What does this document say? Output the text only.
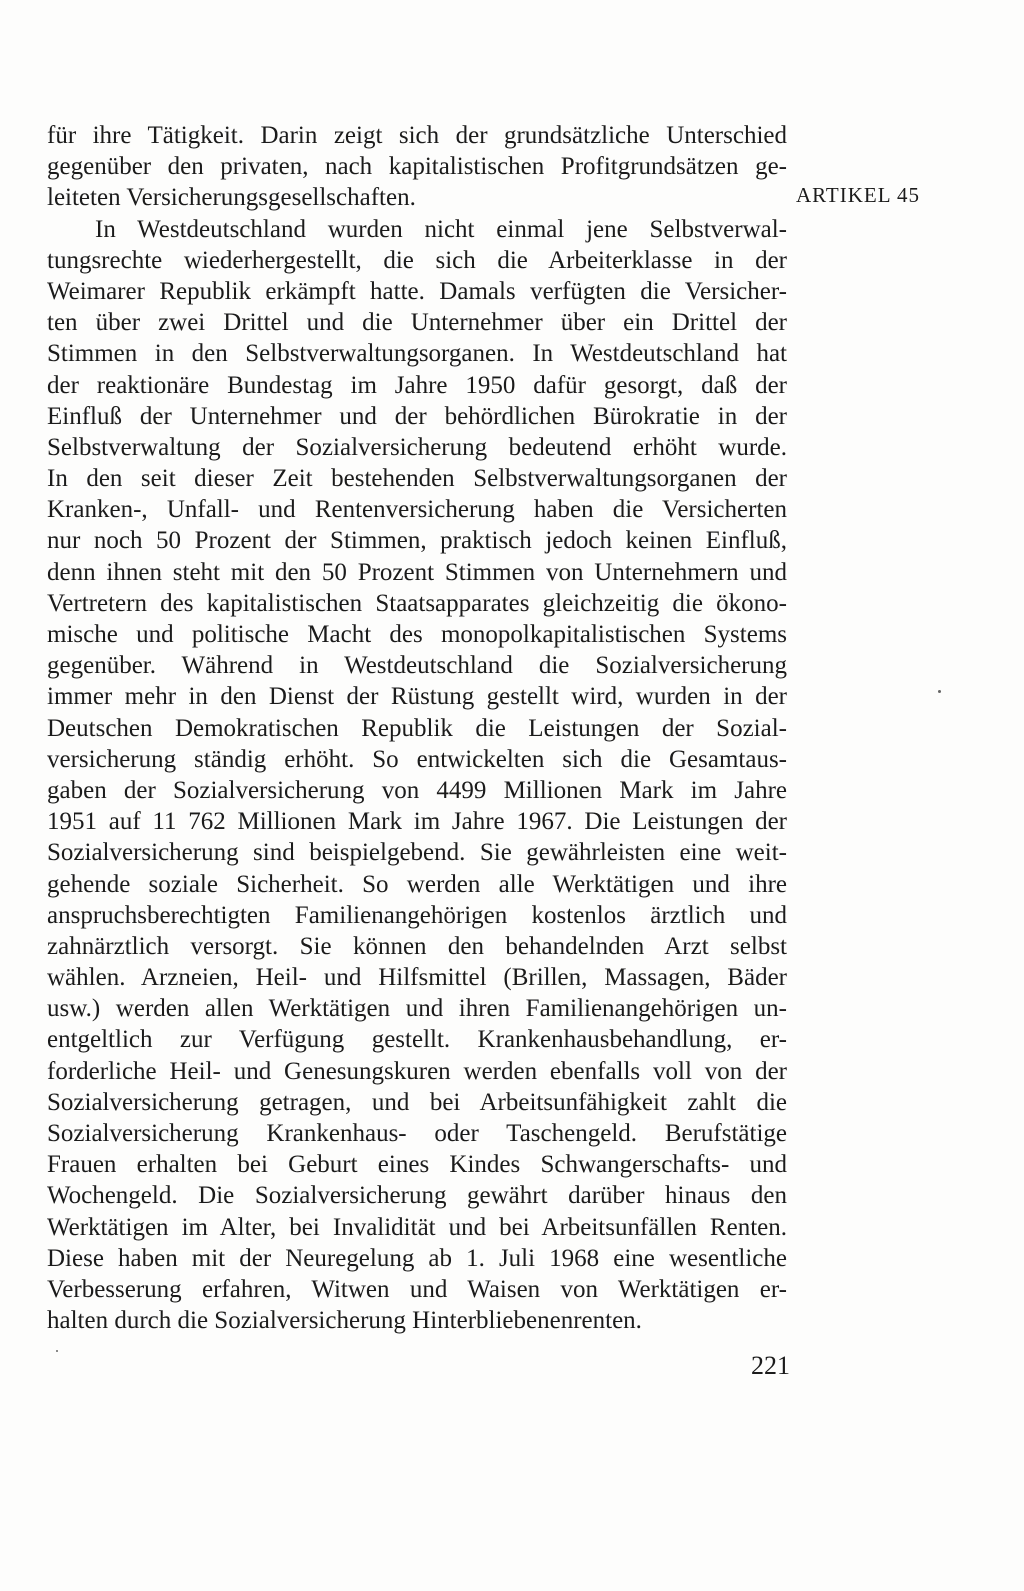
für ihre Tätigkeit. Darin zeigt sich der grundsätzliche Unterschied
gegenüber den privaten, nach kapitalistischen Profitgrundsätzen ge-
leiteten Versicherungsgesellschaften.
In Westdeutschland wurden nicht einmal jene Selbstverwal-
tungsrechte wiederhergestellt, die sich die Arbeiterklasse in der
Weimarer Republik erkämpft hatte. Damals verfügten die Versicher-
ten über zwei Drittel und die Unternehmer über ein Drittel der
Stimmen in den Selbstverwaltungsorganen. In Westdeutschland hat
der reaktionäre Bundestag im Jahre 1950 dafür gesorgt, daß der
Einfluß der Unternehmer und der behördlichen Bürokratie in der
Selbstverwaltung der Sozialversicherung bedeutend erhöht wurde.
In den seit dieser Zeit bestehenden Selbstverwaltungsorganen der
Kranken-, Unfall- und Rentenversicherung haben die Versicherten
nur noch 50 Prozent der Stimmen, praktisch jedoch keinen Einfluß,
denn ihnen steht mit den 50 Prozent Stimmen von Unternehmern und
Vertretern des kapitalistischen Staatsapparates gleichzeitig die ökono-
mische und politische Macht des monopolkapitalistischen Systems
gegenüber. Während in Westdeutschland die Sozialversicherung
immer mehr in den Dienst der Rüstung gestellt wird, wurden in der
Deutschen Demokratischen Republik die Leistungen der Sozial-
versicherung ständig erhöht. So entwickelten sich die Gesamtaus-
gaben der Sozialversicherung von 4499 Millionen Mark im Jahre
1951 auf 11 762 Millionen Mark im Jahre 1967. Die Leistungen der
Sozialversicherung sind beispielgebend. Sie gewährleisten eine weit-
gehende soziale Sicherheit. So werden alle Werktätigen und ihre
anspruchsberechtigten Familienangehörigen kostenlos ärztlich und
zahnärztlich versorgt. Sie können den behandelnden Arzt selbst
wählen. Arzneien, Heil- und Hilfsmittel (Brillen, Massagen, Bäder
usw.) werden allen Werktätigen und ihren Familienangehörigen un-
entgeltlich zur Verfügung gestellt. Krankenhausbehandlung, er-
forderliche Heil- und Genesungskuren werden ebenfalls voll von der
Sozialversicherung getragen, und bei Arbeitsunfähigkeit zahlt die
Sozialversicherung Krankenhaus- oder Taschengeld. Berufstätige
Frauen erhalten bei Geburt eines Kindes Schwangerschafts- und
Wochengeld. Die Sozialversicherung gewährt darüber hinaus den
Werktätigen im Alter, bei Invalidität und bei Arbeitsunfällen Renten.
Diese haben mit der Neuregelung ab 1. Juli 1968 eine wesentliche
Verbesserung erfahren, Witwen und Waisen von Werktätigen er-
halten durch die Sozialversicherung Hinterbliebenenrenten.
ARTIKEL 45
221
